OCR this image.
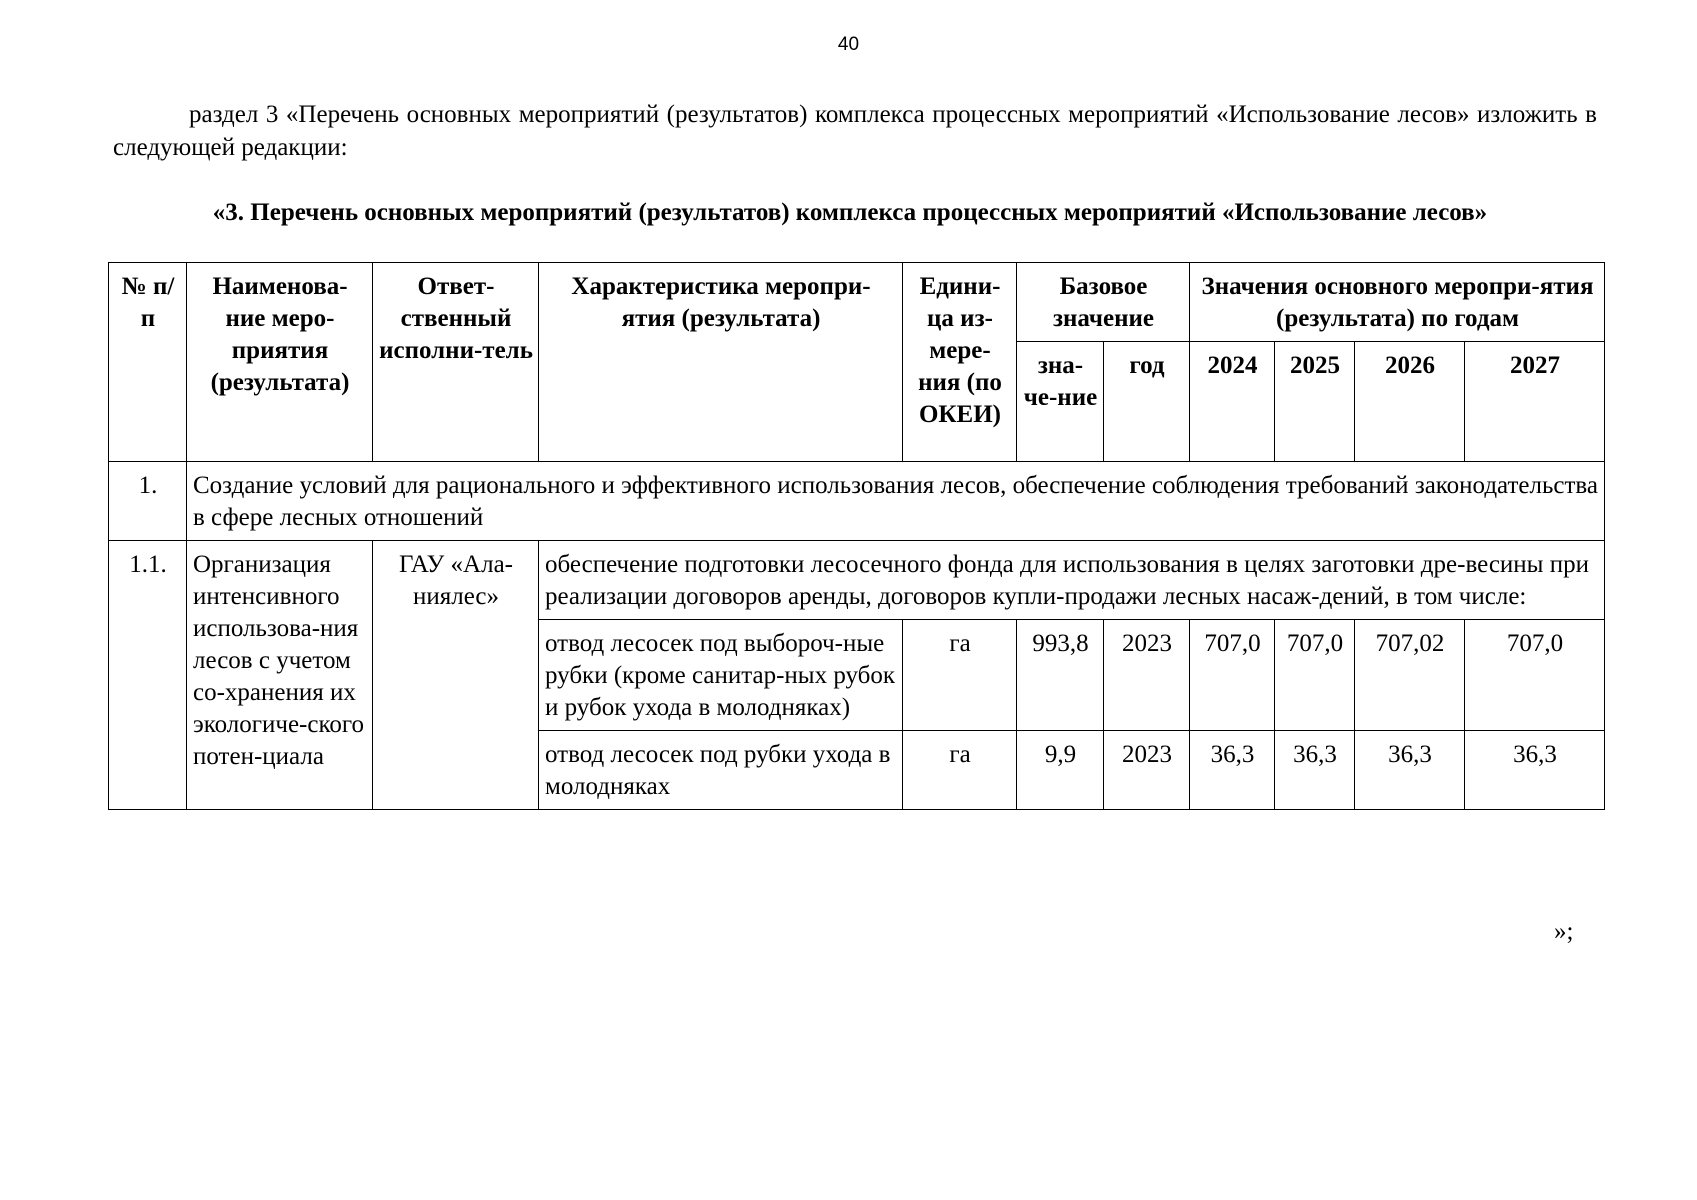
40
раздел 3 «Перечень основных мероприятий (результатов) комплекса процессных мероприятий «Использование лесов» изложить в следующей редакции:
«3. Перечень основных мероприятий (результатов) комплекса процессных мероприятий «Использование лесов»
№ п/п	Наименова-ние меро-приятия (результата)	Ответ-ственный исполни-тель	Характеристика меропри-ятия (результата)	Едини-ца из-мере-ния (по ОКЕИ)	Базовое значение		Значения основного меропри-ятия (результата) по годам			
					зна-че-ние	год	2024	2025	2026	2027
1.	Создание условий для рационального и эффективного использования лесов, обеспечение соблюдения требований законодательства в сфере лесных отношений									
1.1.	Организация интенсивного использова-ния лесов с учетом со-хранения их экологиче-ского потен-циала	ГАУ «Ала-ниялес»	обеспечение подготовки лесосечного фонда для использования в целях заготовки дре-весины при реализации договоров аренды, договоров купли-продажи лесных насаж-дений, в том числе:							
			отвод лесосек под выбороч-ные рубки (кроме санитар-ных рубок и рубок ухода в молодняках)	га	993,8	2023	707,0	707,0	707,02	707,0
			отвод лесосек под рубки ухода в молодняках	га	9,9	2023	36,3	36,3	36,3	36,3
»;
